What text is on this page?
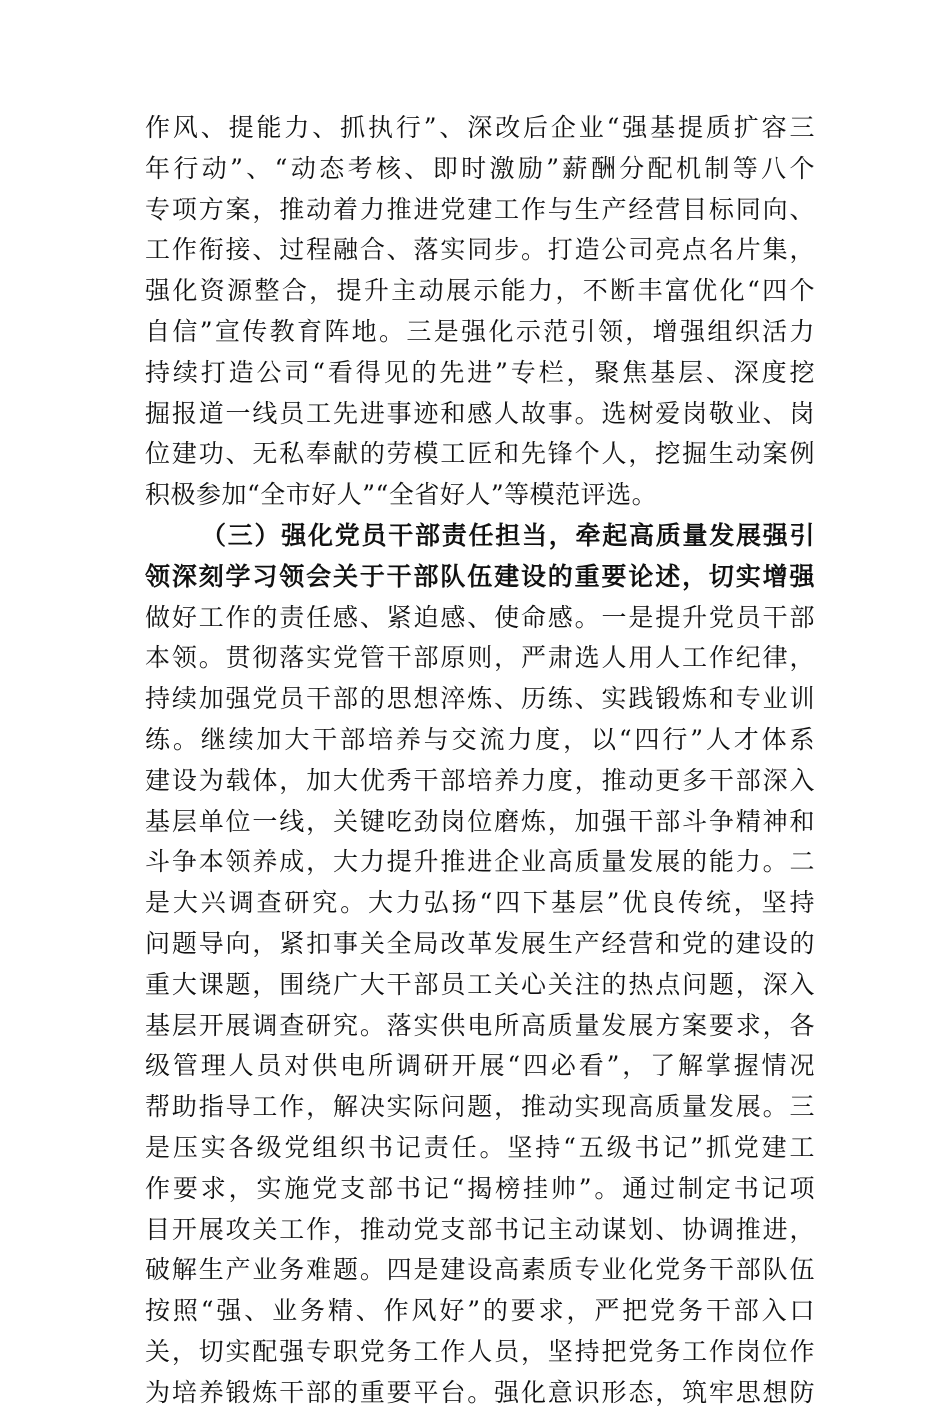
作风、提能力、抓执行”、深改后企业“强基提质扩容三
年行动”、“动态考核、即时激励”薪酬分配机制等八个
专项方案，推动着力推进党建工作与生产经营目标同向、
工作衔接、过程融合、落实同步。打造公司亮点名片集，
强化资源整合，提升主动展示能力，不断丰富优化“四个
自信”宣传教育阵地。三是强化示范引领，增强组织活力
持续打造公司“看得见的先进”专栏，聚焦基层、深度挖
掘报道一线员工先进事迹和感人故事。选树爱岗敬业、岗
位建功、无私奉献的劳模工匠和先锋个人，挖掘生动案例
积极参加“全市好人”“全省好人”等模范评选。
（三）强化党员干部责任担当，牵起高质量发展强引
领深刻学习领会关于干部队伍建设的重要论述，切实增强
做好工作的责任感、紧迫感、使命感。一是提升党员干部
本领。贯彻落实党管干部原则，严肃选人用人工作纪律，
持续加强党员干部的思想淬炼、历练、实践锻炼和专业训
练。继续加大干部培养与交流力度，以“四行”人才体系
建设为载体，加大优秀干部培养力度，推动更多干部深入
基层单位一线，关键吃劲岗位磨炼，加强干部斗争精神和
斗争本领养成，大力提升推进企业高质量发展的能力。二
是大兴调查研究。大力弘扬“四下基层”优良传统，坚持
问题导向，紧扣事关全局改革发展生产经营和党的建设的
重大课题，围绕广大干部员工关心关注的热点问题，深入
基层开展调查研究。落实供电所高质量发展方案要求，各
级管理人员对供电所调研开展“四必看”，了解掌握情况
帮助指导工作，解决实际问题，推动实现高质量发展。三
是压实各级党组织书记责任。坚持“五级书记”抓党建工
作要求，实施党支部书记“揭榜挂帅”。通过制定书记项
目开展攻关工作，推动党支部书记主动谋划、协调推进，
破解生产业务难题。四是建设高素质专业化党务干部队伍
按照“强、业务精、作风好”的要求，严把党务干部入口
关，切实配强专职党务工作人员，坚持把党务工作岗位作
为培养锻炼干部的重要平台。强化意识形态，筑牢思想防
